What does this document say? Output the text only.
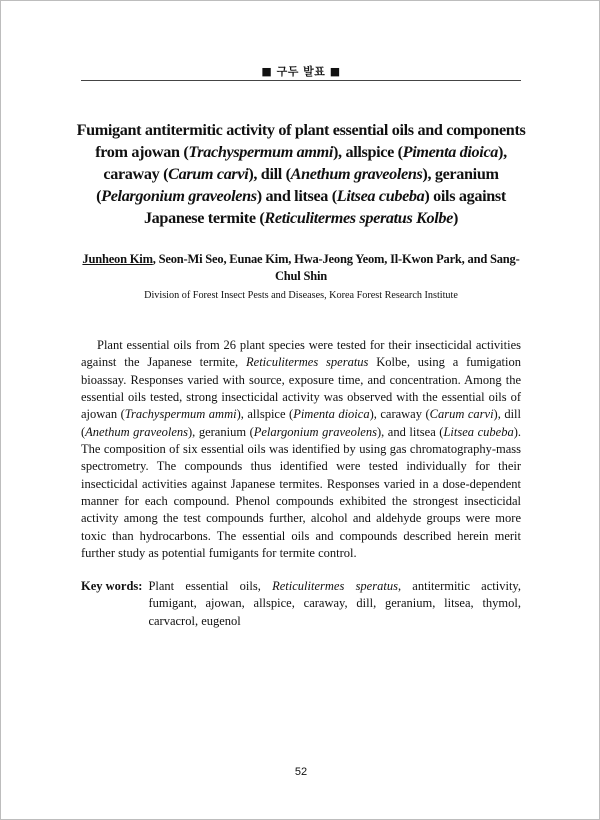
■ 구두 발표 ■
Fumigant antitermitic activity of plant essential oils and components from ajowan (Trachyspermum ammi), allspice (Pimenta dioica), caraway (Carum carvi), dill (Anethum graveolens), geranium (Pelargonium graveolens) and litsea (Litsea cubeba) oils against Japanese termite (Reticulitermes speratus Kolbe)
Junheon Kim, Seon-Mi Seo, Eunae Kim, Hwa-Jeong Yeom, Il-Kwon Park, and Sang-Chul Shin
Division of Forest Insect Pests and Diseases, Korea Forest Research Institute

Plant essential oils from 26 plant species were tested for their insecticidal activities against the Japanese termite, Reticulitermes speratus Kolbe, using a fumigation bioassay. Responses varied with source, exposure time, and concentration. Among the essential oils tested, strong insecticidal activity was observed with the essential oils of ajowan (Trachyspermum ammi), allspice (Pimenta dioica), caraway (Carum carvi), dill (Anethum graveolens), geranium (Pelargonium graveolens), and litsea (Litsea cubeba). The composition of six essential oils was identified by using gas chromatography-mass spectrometry. The compounds thus identified were tested individually for their insecticidal activities against Japanese termites. Responses varied in a dose-dependent manner for each compound. Phenol compounds exhibited the strongest insecticidal activity among the test compounds further, alcohol and aldehyde groups were more toxic than hydrocarbons. The essential oils and compounds described herein merit further study as potential fumigants for termite control.

Key words: Plant essential oils, Reticulitermes speratus, antitermitic activity, fumigant, ajowan, allspice, caraway, dill, geranium, litsea, thymol, carvacrol, eugenol
52
